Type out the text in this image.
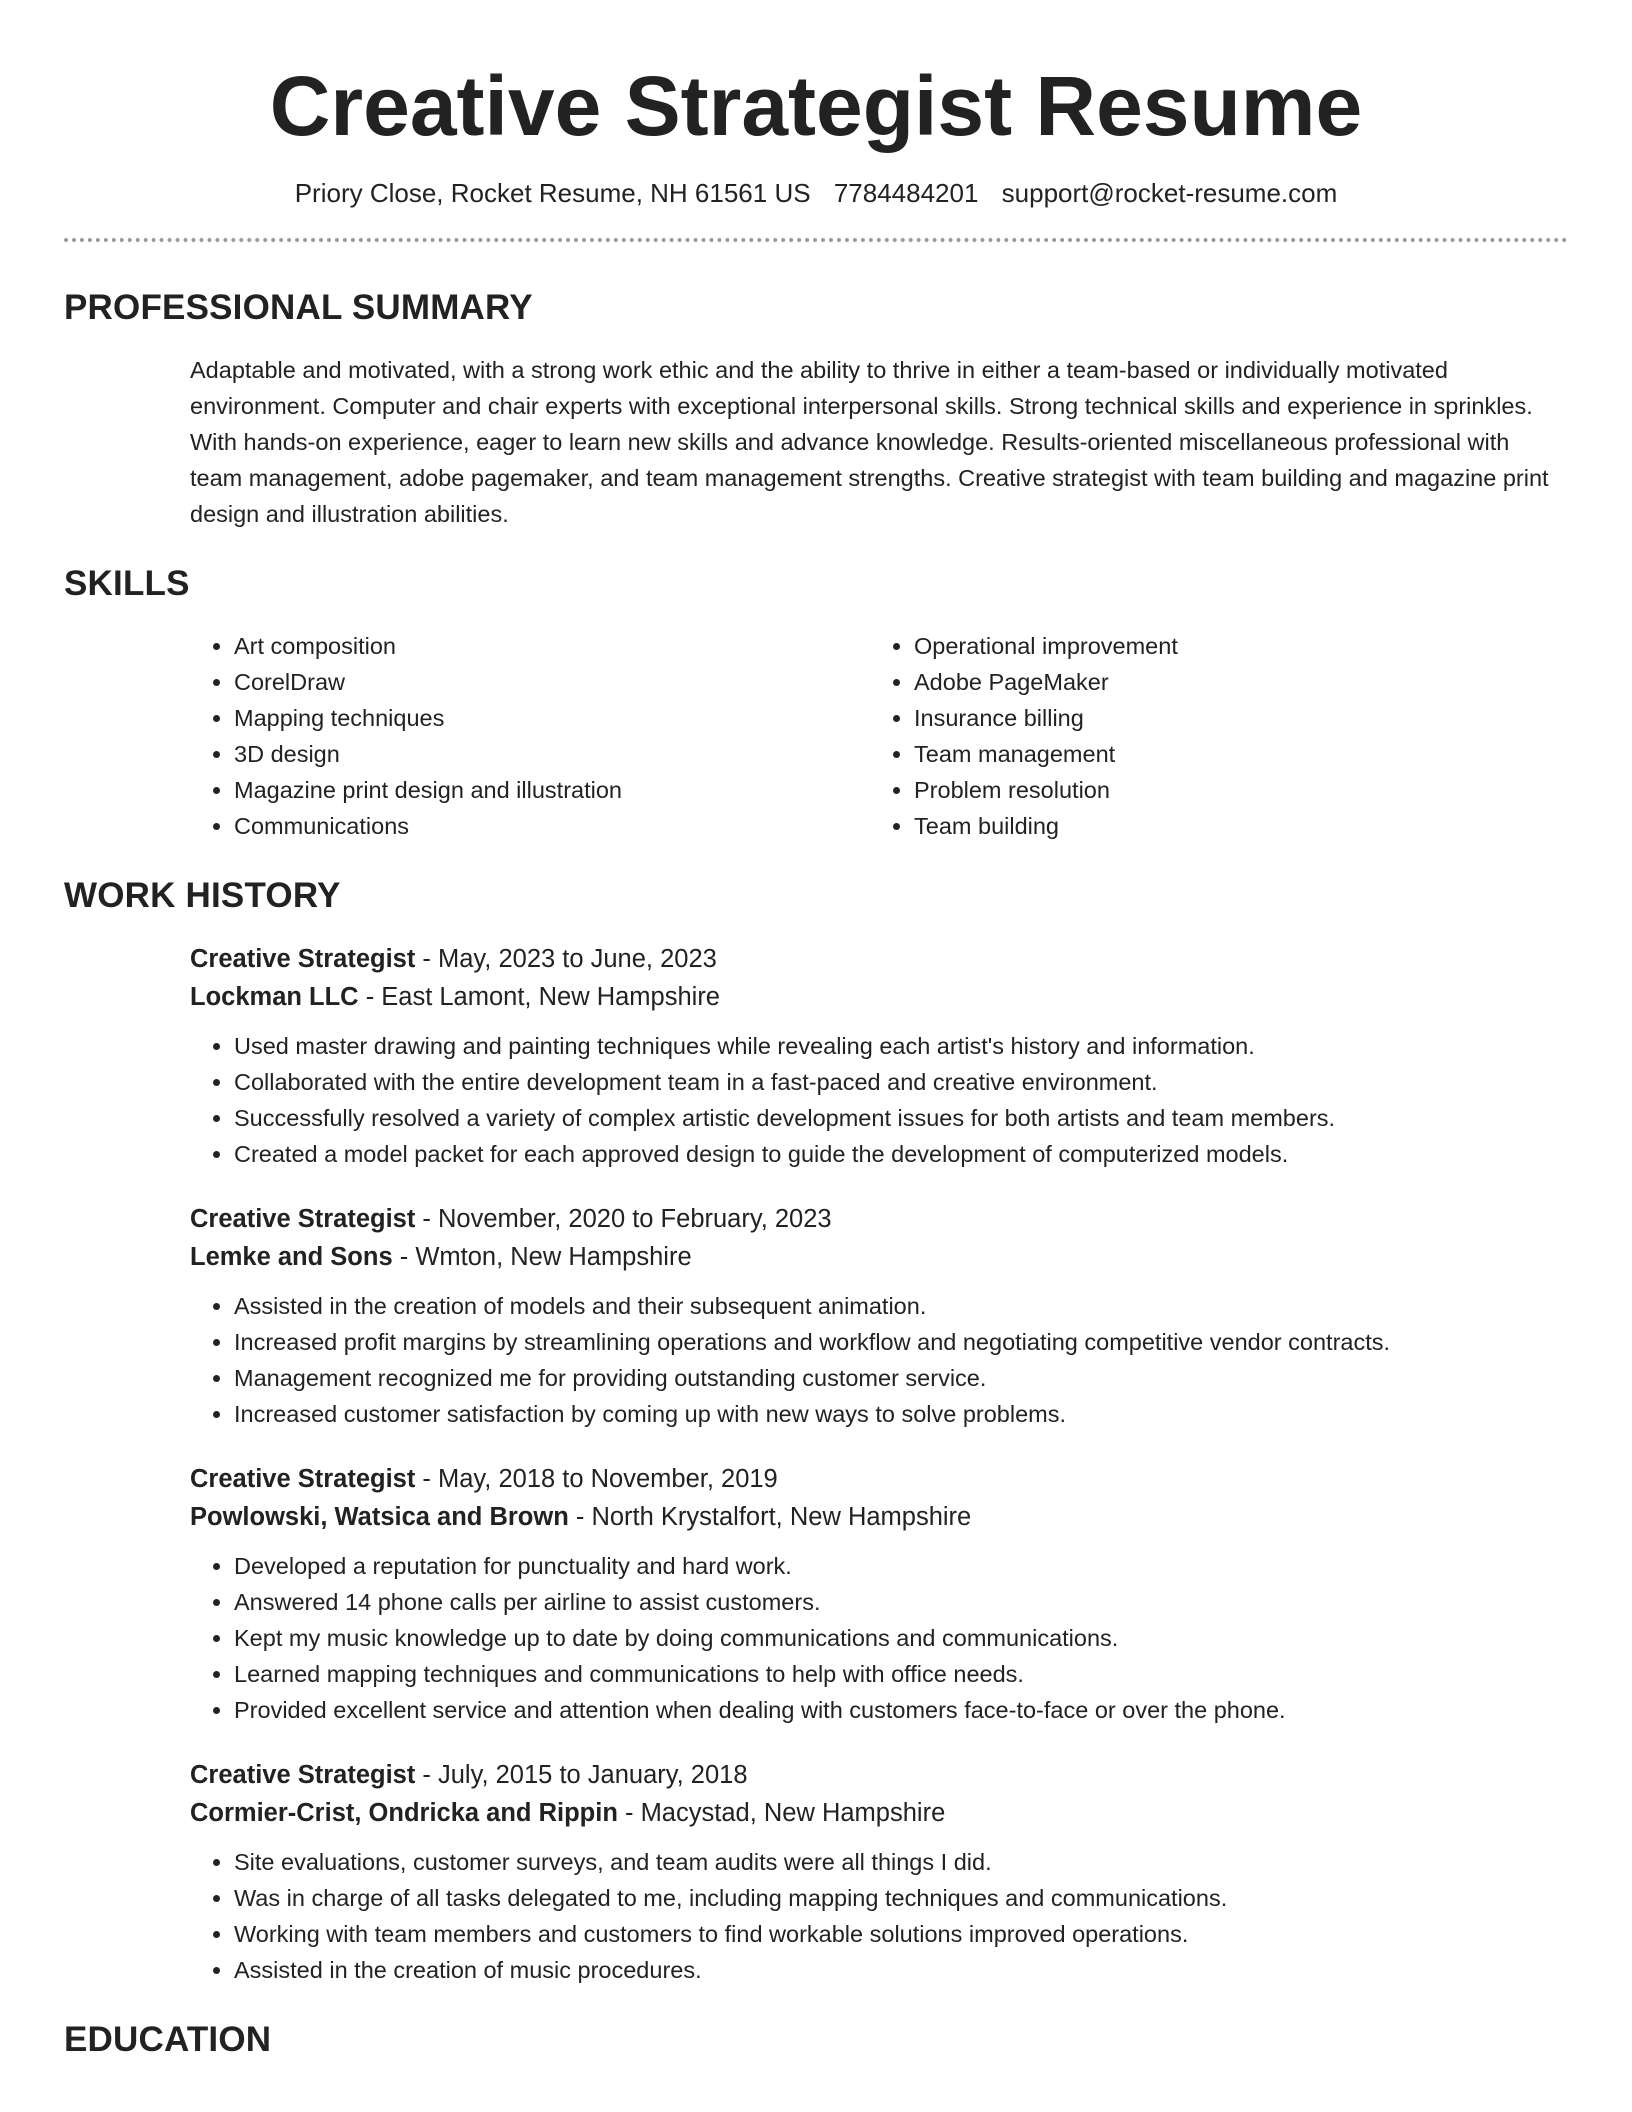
Creative Strategist Resume
Priory Close, Rocket Resume, NH 61561 US 7784484201 support@rocket-resume.com
PROFESSIONAL SUMMARY

Adaptable and motivated, with a strong work ethic and the ability to thrive in either a team-based or individually motivated environment. Computer and chair experts with exceptional interpersonal skills. Strong technical skills and experience in sprinkles. With hands-on experience, eager to learn new skills and advance knowledge. Results-oriented miscellaneous professional with team management, adobe pagemaker, and team management strengths. Creative strategist with team building and magazine print design and illustration abilities.

SKILLS
• Art composition
• CorelDraw
• Mapping techniques
• 3D design
• Magazine print design and illustration
• Communications
• Operational improvement
• Adobe PageMaker
• Insurance billing
• Team management
• Problem resolution
• Team building
WORK HISTORY
Creative Strategist - May, 2023 to June, 2023
Lockman LLC - East Lamont, New Hampshire
• Used master drawing and painting techniques while revealing each artist's history and information.
• Collaborated with the entire development team in a fast-paced and creative environment.
• Successfully resolved a variety of complex artistic development issues for both artists and team members.
• Created a model packet for each approved design to guide the development of computerized models.
Creative Strategist - November, 2020 to February, 2023
Lemke and Sons - Wmton, New Hampshire
• Assisted in the creation of models and their subsequent animation.
• Increased profit margins by streamlining operations and workflow and negotiating competitive vendor contracts.
• Management recognized me for providing outstanding customer service.
• Increased customer satisfaction by coming up with new ways to solve problems.
Creative Strategist - May, 2018 to November, 2019
Powlowski, Watsica and Brown - North Krystalfort, New Hampshire
• Developed a reputation for punctuality and hard work.
• Answered 14 phone calls per airline to assist customers.
• Kept my music knowledge up to date by doing communications and communications.
• Learned mapping techniques and communications to help with office needs.
• Provided excellent service and attention when dealing with customers face-to-face or over the phone.
Creative Strategist - July, 2015 to January, 2018
Cormier-Crist, Ondricka and Rippin - Macystad, New Hampshire
• Site evaluations, customer surveys, and team audits were all things I did.
• Was in charge of all tasks delegated to me, including mapping techniques and communications.
• Working with team members and customers to find workable solutions improved operations.
• Assisted in the creation of music procedures.
EDUCATION
